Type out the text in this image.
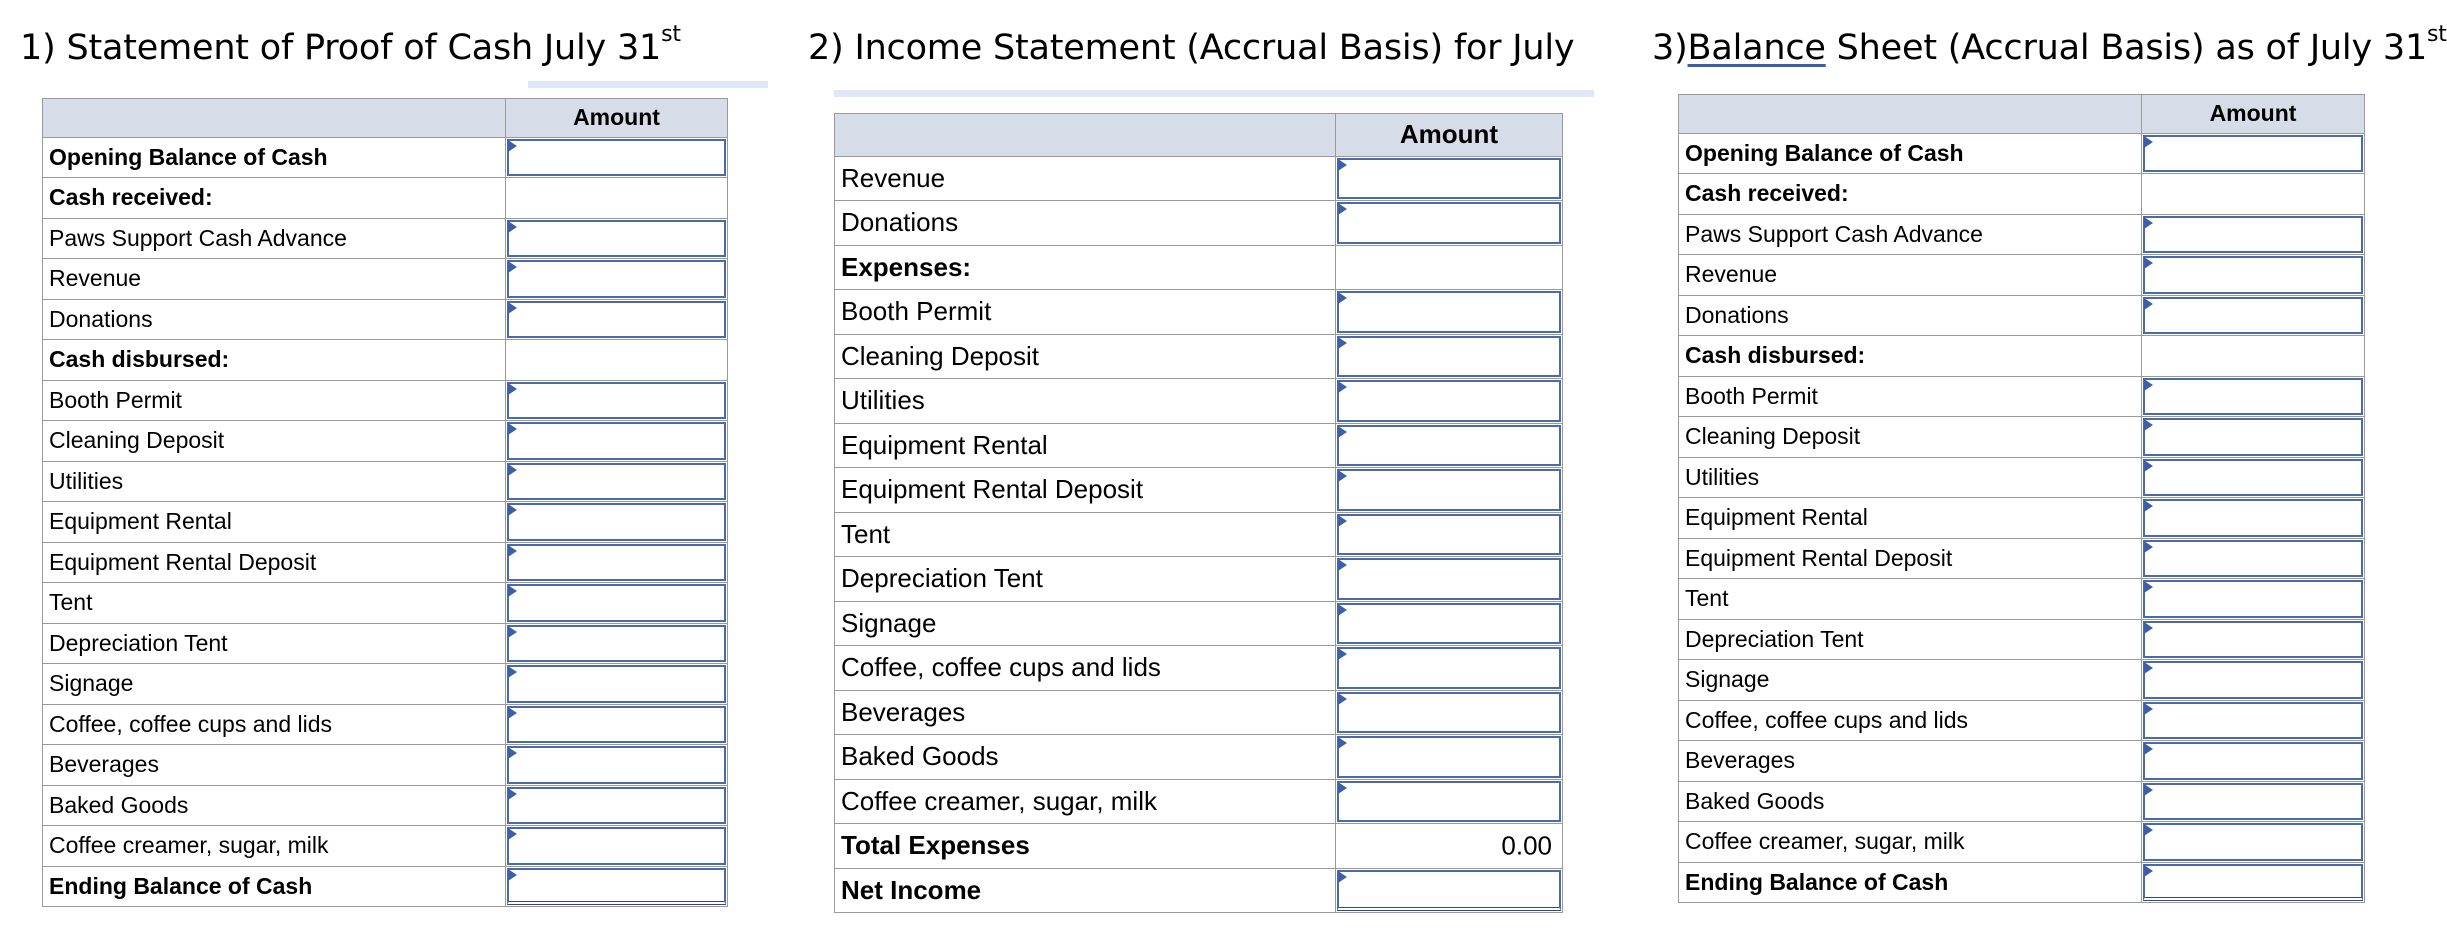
1) Statement of Proof of Cash July 31st
	Amount
Opening Balance of Cash	

Cash received:	
Paws Support Cash Advance	

Revenue	

Donations	

Cash disbursed:	
Booth Permit	

Cleaning Deposit	

Utilities	

Equipment Rental	

Equipment Rental Deposit	

Tent	

Depreciation Tent	

Signage	

Coffee, coffee cups and lids	

Beverages	

Baked Goods	

Coffee creamer, sugar, milk	

Ending Balance of Cash	
2) Income Statement (Accrual Basis) for July
	Amount
Revenue	

Donations	

Expenses:	
Booth Permit	

Cleaning Deposit	

Utilities	

Equipment Rental	

Equipment Rental Deposit	

Tent	

Depreciation Tent	

Signage	

Coffee, coffee cups and lids	

Beverages	

Baked Goods	

Coffee creamer, sugar, milk	

Total Expenses	0.00

Net Income	
3)Balance Sheet (Accrual Basis) as of July 31st
	Amount
Opening Balance of Cash	

Cash received:	
Paws Support Cash Advance	

Revenue	

Donations	

Cash disbursed:	
Booth Permit	

Cleaning Deposit	

Utilities	

Equipment Rental	

Equipment Rental Deposit	

Tent	

Depreciation Tent	

Signage	

Coffee, coffee cups and lids	

Beverages	

Baked Goods	

Coffee creamer, sugar, milk	

Ending Balance of Cash	
